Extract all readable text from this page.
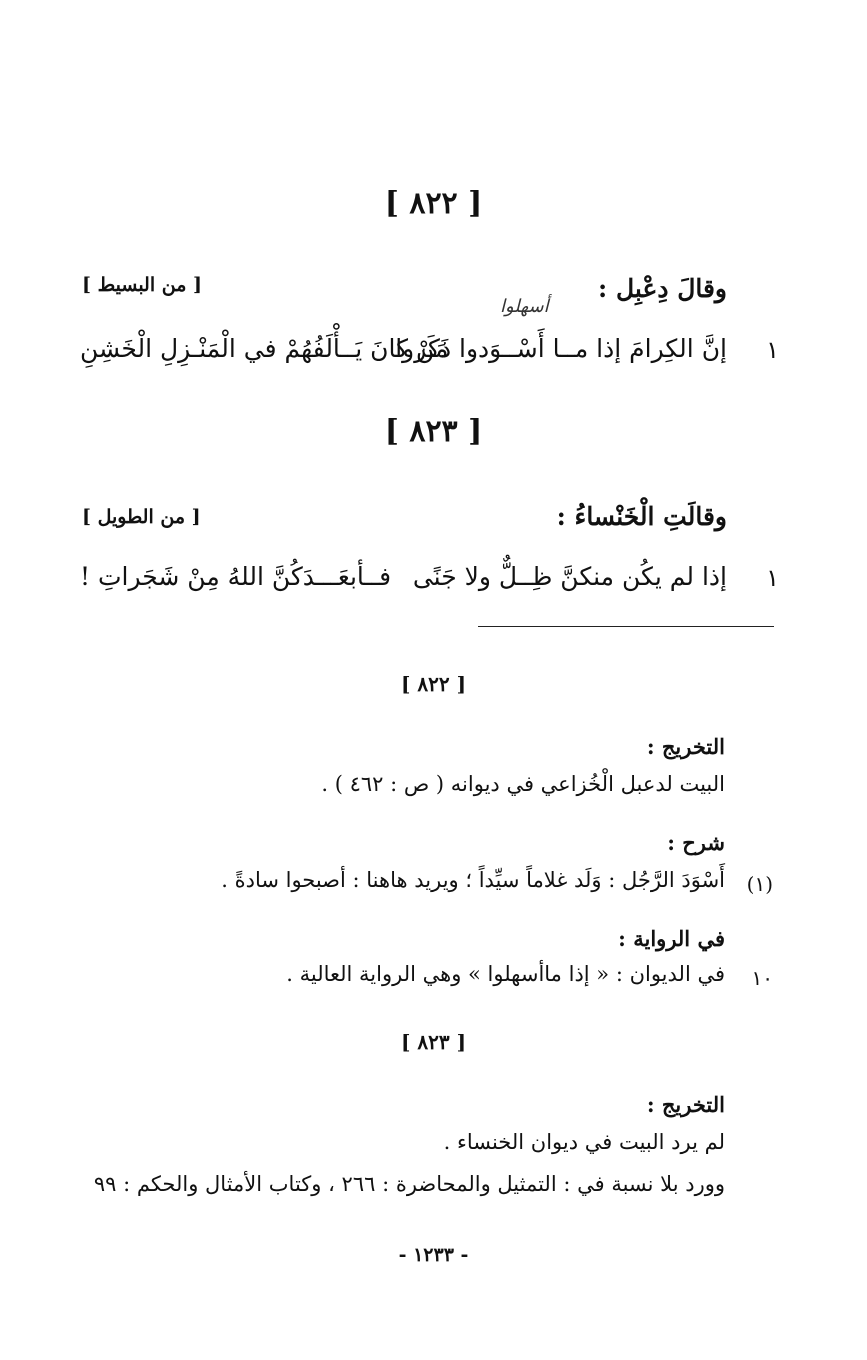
[ ٨٢٢ ]
وقالَ دِعْبِل :
[ من البسيط ]
أسهلوا
١
إنَّ الكِرامَ إذا مــا أَسْــوَدوا ذَكَروا
مَنْ كانَ يَــأْلَفُهُمْ في الْمَنْـزِلِ الْخَشِنِ
[ ٨٢٣ ]
وقالَتِ الْخَنْساءُ :
[ من الطويل ]
١
إذا لم يكُن منكنَّ ظِــلٌّ ولا جَنًى
فــأبعَـــدَكُنَّ اللهُ مِنْ شَجَراتِ !
[ ٨٢٢ ]
التخريج :
البيت لدعبل الْخُزاعي في ديوانه ( ص : ٤٦٢ ) .
شرح :
(١)
أَسْوَدَ الرَّجُل : وَلَد غلاماً سيِّداً ؛ ويريد هاهنا : أصبحوا سادةً .
في الرواية :
١٠
في الديوان : « إذا ماأسهلوا » وهي الرواية العالية .
[ ٨٢٣ ]
التخريج :
لم يرد البيت في ديوان الخنساء .
وورد بلا نسبة في : التمثيل والمحاضرة : ٢٦٦ ، وكتاب الأمثال والحكم : ٩٩
- ١٢٣٣ -
